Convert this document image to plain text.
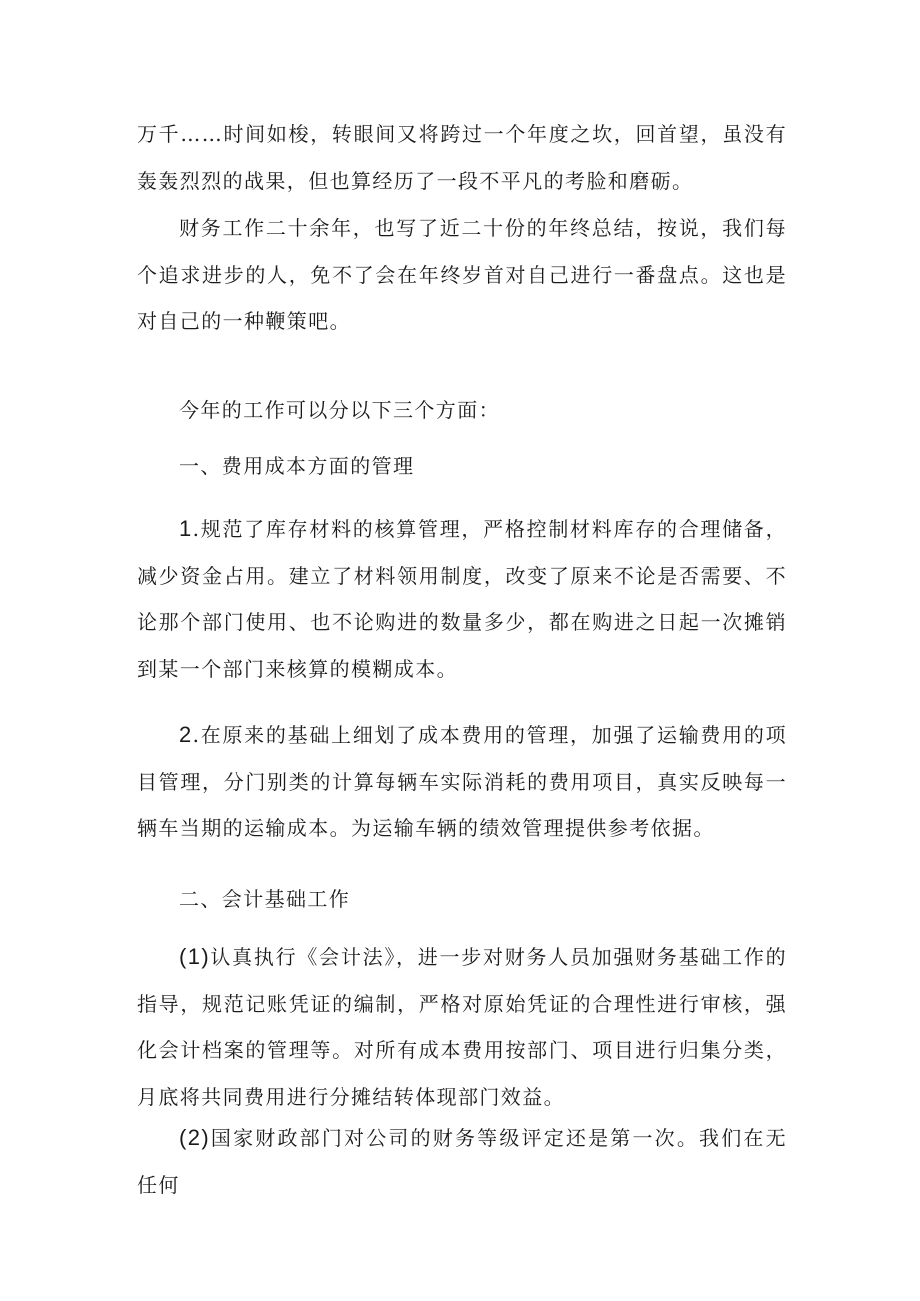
万千……时间如梭，转眼间又将跨过一个年度之坎，回首望，虽没有轰轰烈烈的战果，但也算经历了一段不平凡的考脸和磨砺。

财务工作二十余年，也写了近二十份的年终总结，按说，我们每个追求进步的人，免不了会在年终岁首对自己进行一番盘点。这也是对自己的一种鞭策吧。

今年的工作可以分以下三个方面：

一、费用成本方面的管理

1.规范了库存材料的核算管理，严格控制材料库存的合理储备，减少资金占用。建立了材料领用制度，改变了原来不论是否需要、不论那个部门使用、也不论购进的数量多少，都在购进之日起一次摊销到某一个部门来核算的模糊成本。

2.在原来的基础上细划了成本费用的管理，加强了运输费用的项目管理，分门别类的计算每辆车实际消耗的费用项目，真实反映每一辆车当期的运输成本。为运输车辆的绩效管理提供参考依据。

二、会计基础工作

(1)认真执行《会计法》，进一步对财务人员加强财务基础工作的指导，规范记账凭证的编制，严格对原始凭证的合理性进行审核，强化会计档案的管理等。对所有成本费用按部门、项目进行归集分类，月底将共同费用进行分摊结转体现部门效益。

(2)国家财政部门对公司的财务等级评定还是第一次。我们在无任何
